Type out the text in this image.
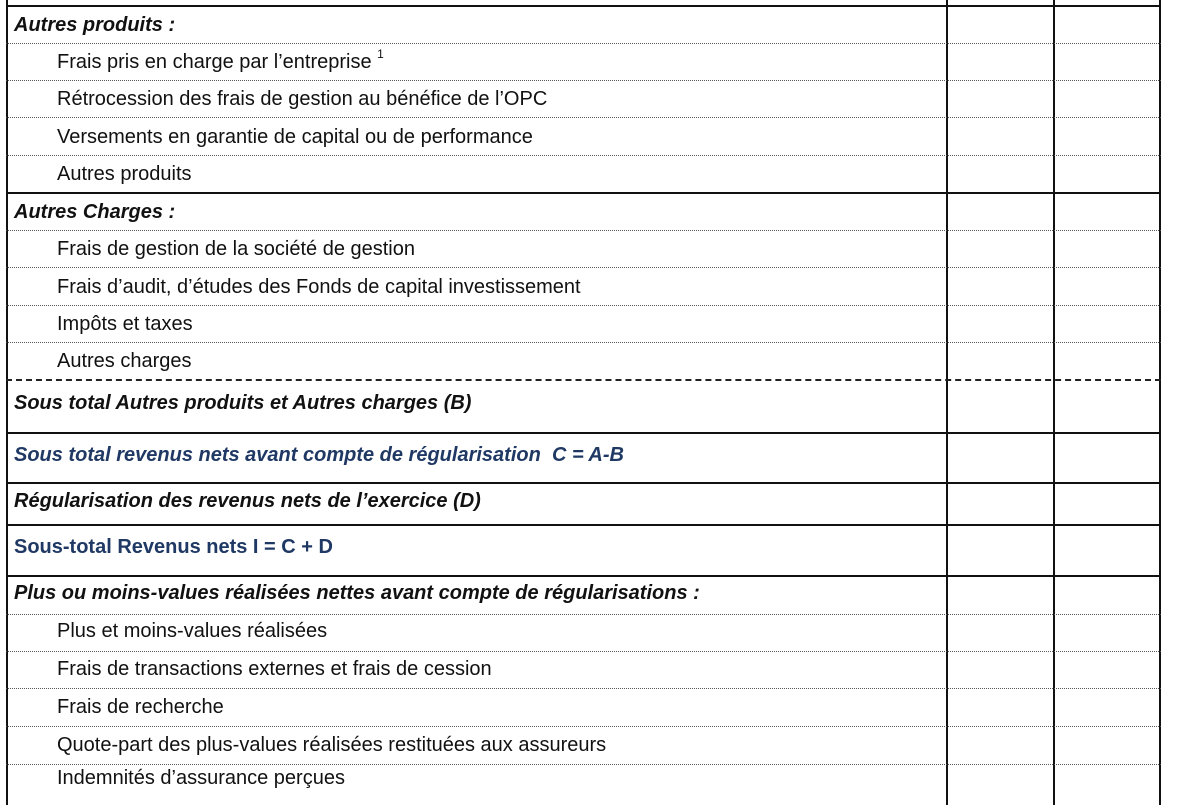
Autres produits :
Frais pris en charge par l’entreprise $^1$
Rétrocession des frais de gestion au bénéfice de l’OPC
Versements en garantie de capital ou de performance
Autres produits
Autres Charges :
Frais de gestion de la société de gestion
Frais d’audit, d’études des Fonds de capital investissement
Impôts et taxes
Autres charges
Sous total Autres produits et Autres charges (B)
Sous total revenus nets avant compte de régularisation C = A-B
Régularisation des revenus nets de l’exercice (D)
Sous-total Revenus nets I = C + D
Plus ou moins-values réalisées nettes avant compte de régularisations :
Plus et moins-values réalisées
Frais de transactions externes et frais de cession
Frais de recherche
Quote-part des plus-values réalisées restituées aux assureurs
Indemnités d’assurance perçues
